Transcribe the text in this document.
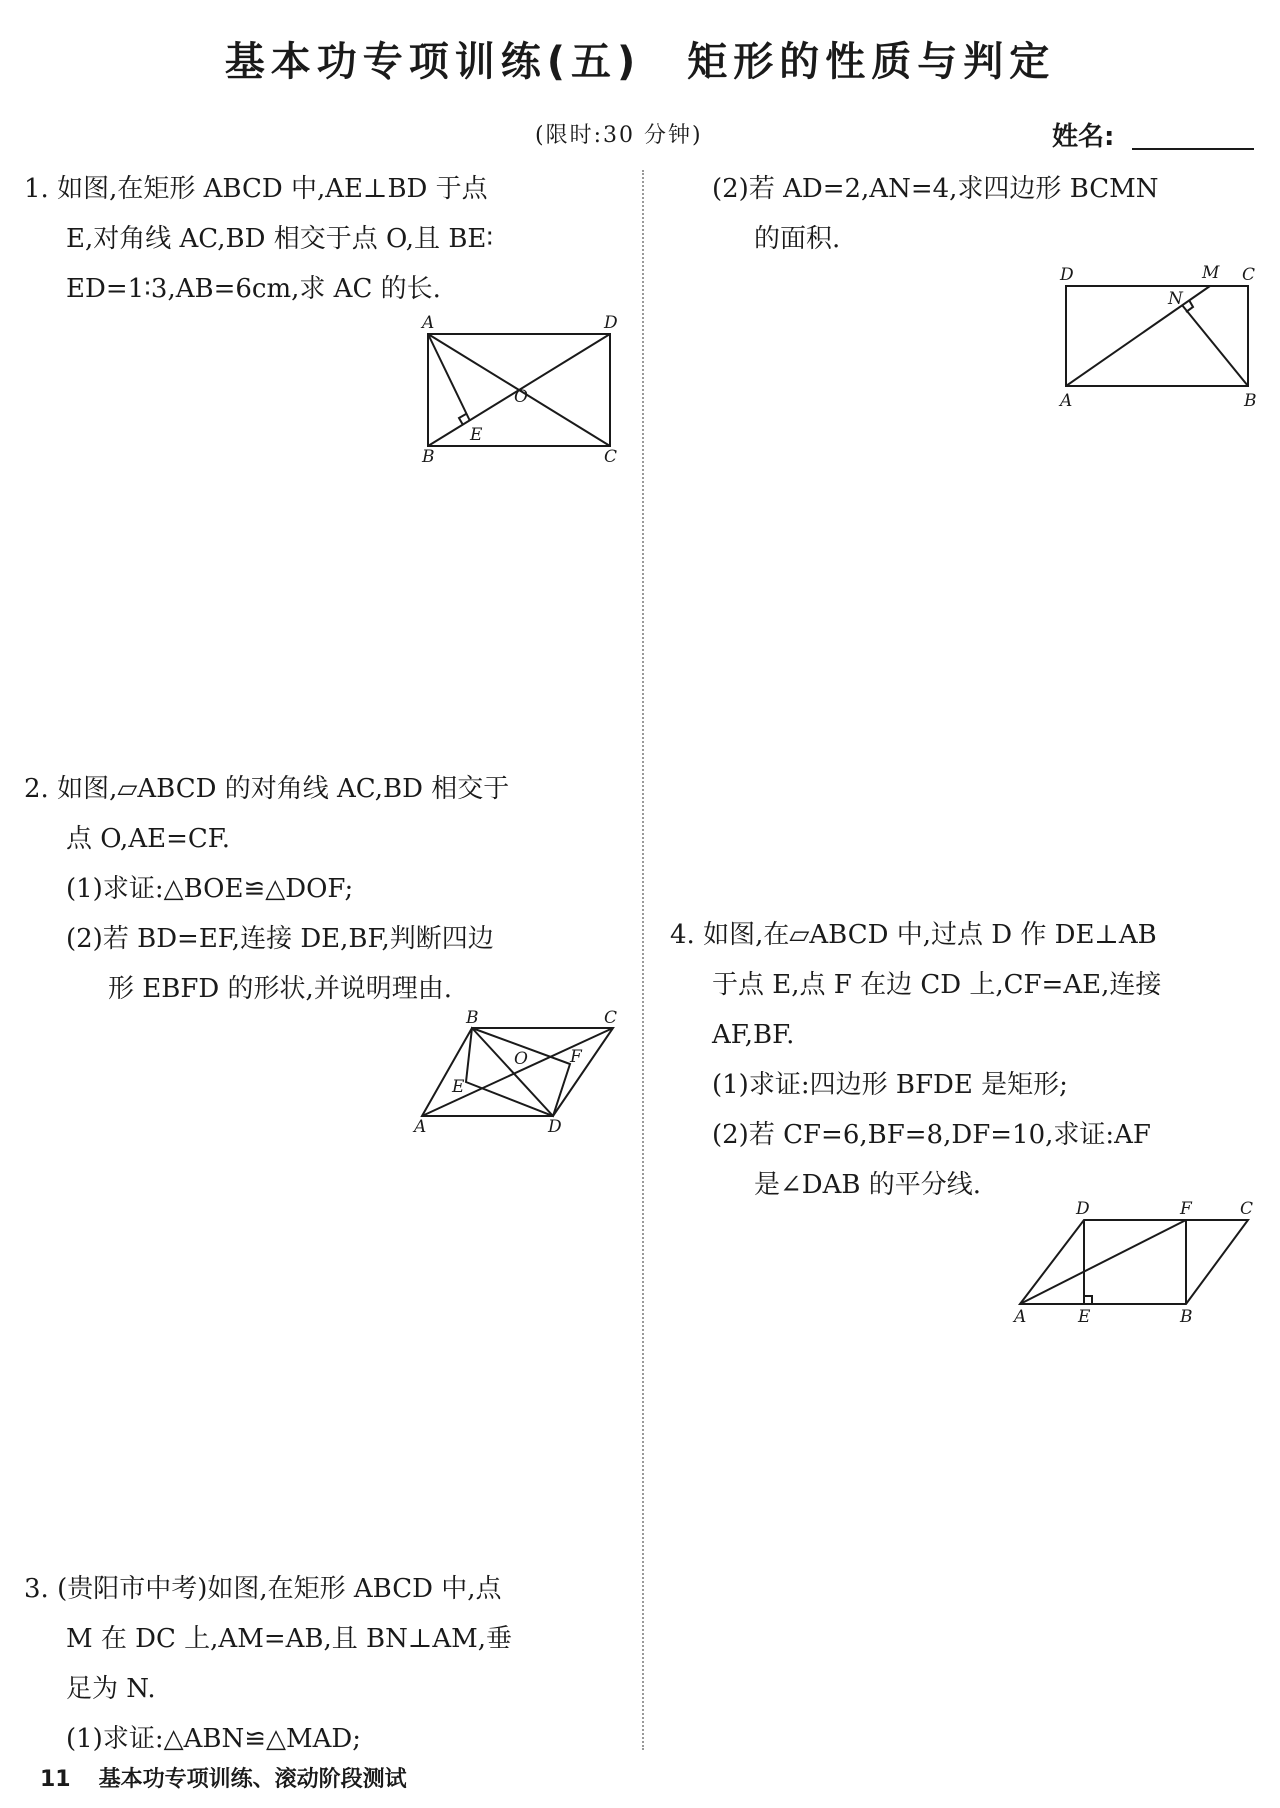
基本功专项训练(五)　矩形的性质与判定
(限时:30 分钟)	姓名:

1. 如图,在矩形 ABCD 中,AE⊥BD 于点

E,对角线 AC,BD 相交于点 O,且 BE∶

ED=1∶3,AB=6cm,求 AC 的长.

A	D
B	C
E
O

2. 如图,▱ABCD 的对角线 AC,BD 相交于

点 O,AE=CF.

(1)求证:△BOE≌△DOF;

(2)若 BD=EF,连接 DE,BF,判断四边

形 EBFD 的形状,并说明理由.

B	C
O F
E
A	D

3. (贵阳市中考)如图,在矩形 ABCD 中,点

M 在 DC 上,AM=AB,且 BN⊥AM,垂

足为 N.

(1)求证:△ABN≌△MAD;

(2)若 AD=2,AN=4,求四边形 BCMN

的面积.

D	M C
N
A	B

4. 如图,在▱ABCD 中,过点 D 作 DE⊥AB

于点 E,点 F 在边 CD 上,CF=AE,连接

AF,BF.

(1)求证:四边形 BFDE 是矩形;

(2)若 CF=6,BF=8,DF=10,求证:AF

是∠DAB 的平分线.

D	F	C
A	E	B
11 基本功专项训练、滚动阶段测试
